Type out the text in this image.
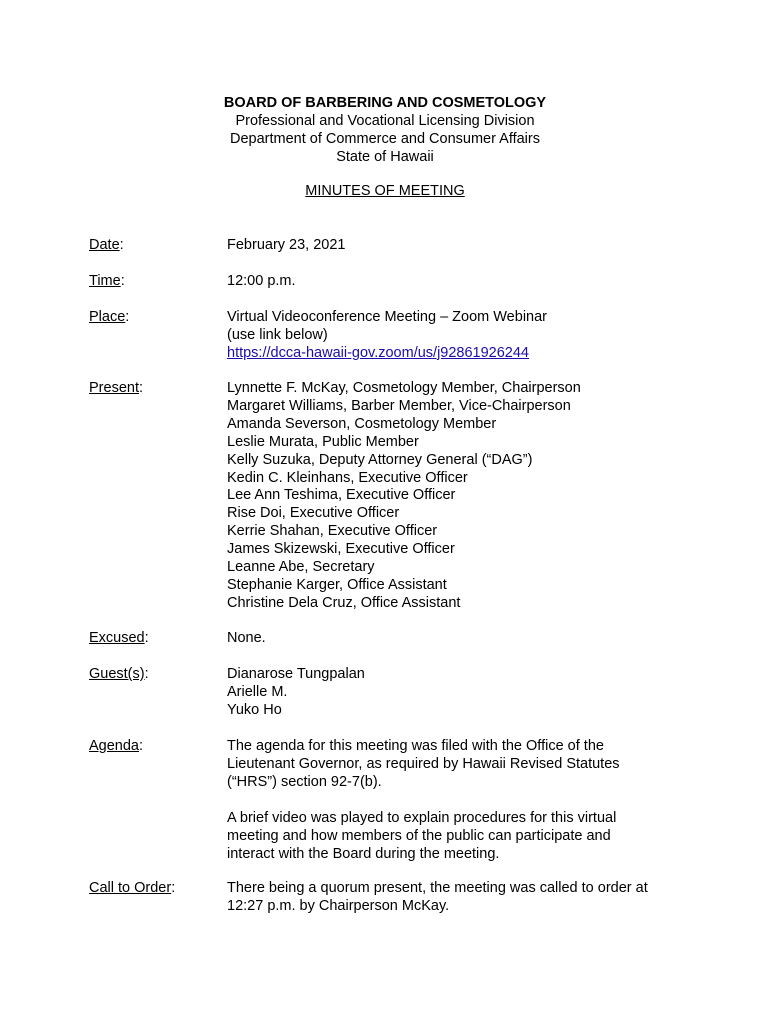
BOARD OF BARBERING AND COSMETOLOGY
Professional and Vocational Licensing Division
Department of Commerce and Consumer Affairs
State of Hawaii
MINUTES OF MEETING
Date:	February 23, 2021
Time:	12:00 p.m.
Place:	Virtual Videoconference Meeting – Zoom Webinar
(use link below)
https://dcca-hawaii-gov.zoom/us/j92861926244
Present:	Lynnette F. McKay, Cosmetology Member, Chairperson
Margaret Williams, Barber Member, Vice-Chairperson
Amanda Severson, Cosmetology Member
Leslie Murata, Public Member
Kelly Suzuka, Deputy Attorney General (“DAG”)
Kedin C. Kleinhans, Executive Officer
Lee Ann Teshima, Executive Officer
Rise Doi, Executive Officer
Kerrie Shahan, Executive Officer
James Skizewski, Executive Officer
Leanne Abe, Secretary
Stephanie Karger, Office Assistant
Christine Dela Cruz, Office Assistant
Excused:	None.
Guest(s):	Dianarose Tungpalan
Arielle M.
Yuko Ho
Agenda:	The agenda for this meeting was filed with the Office of the
Lieutenant Governor, as required by Hawaii Revised Statutes
(“HRS”) section 92-7(b).
A brief video was played to explain procedures for this virtual
meeting and how members of the public can participate and
interact with the Board during the meeting.
Call to Order:	There being a quorum present, the meeting was called to order at
12:27 p.m. by Chairperson McKay.
